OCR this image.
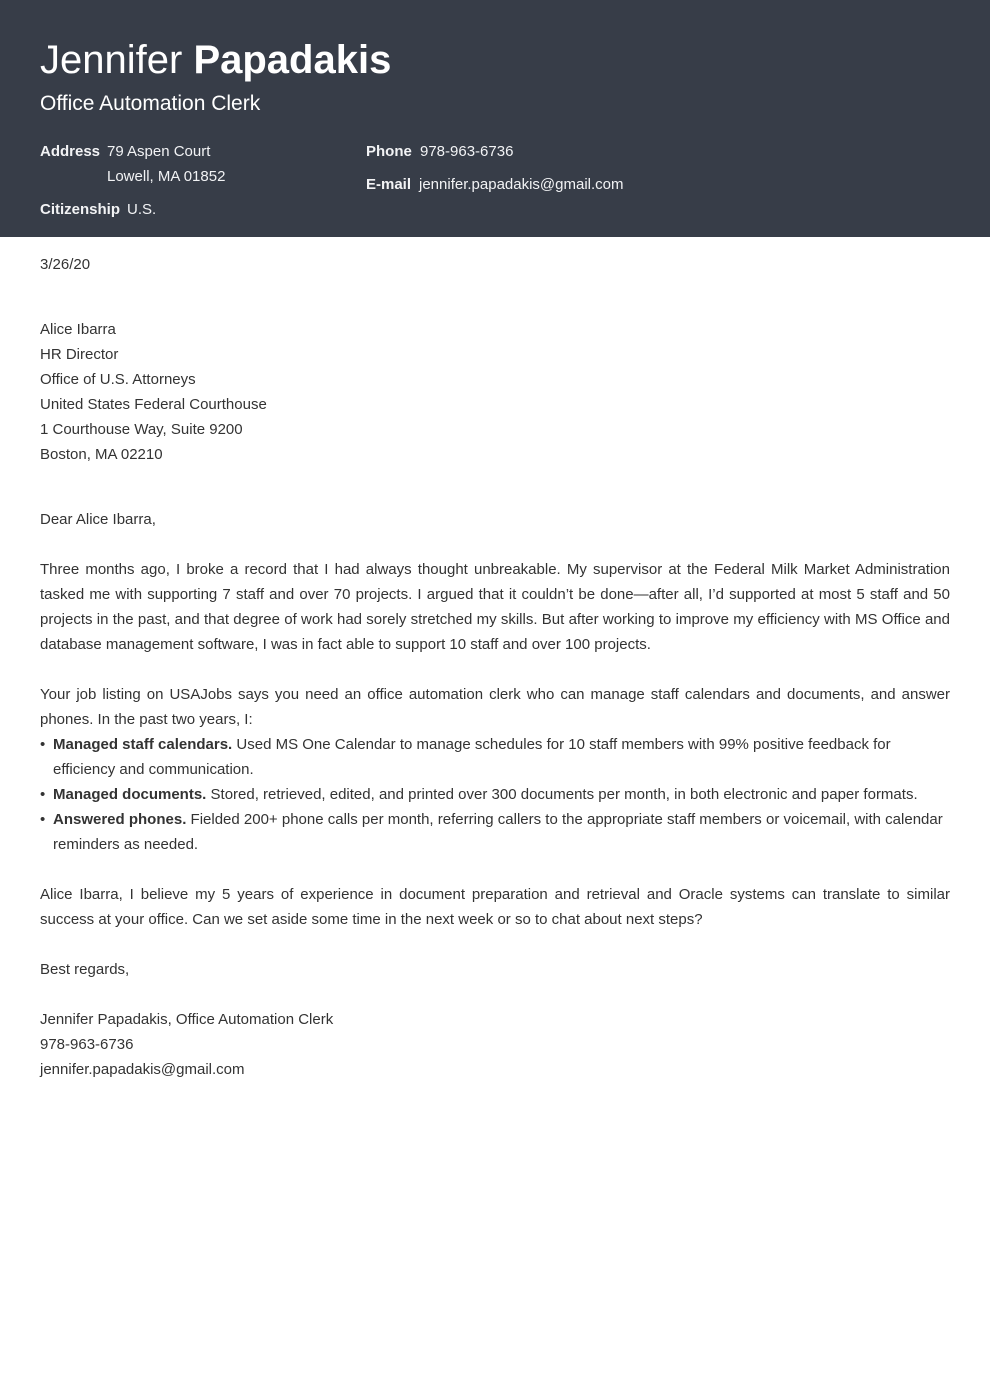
Jennifer Papadakis
Office Automation Clerk
Address 79 Aspen Court
Lowell, MA 01852
Citizenship U.S.
Phone 978-963-6736
E-mail jennifer.papadakis@gmail.com
3/26/20
Alice Ibarra
HR Director
Office of U.S. Attorneys
United States Federal Courthouse
1 Courthouse Way, Suite 9200
Boston, MA 02210
Dear Alice Ibarra,

Three months ago, I broke a record that I had always thought unbreakable. My supervisor at the Federal Milk Market Administration tasked me with supporting 7 staff and over 70 projects. I argued that it couldn’t be done—after all, I’d supported at most 5 staff and 50 projects in the past, and that degree of work had sorely stretched my skills. But after working to improve my efficiency with MS Office and database management software, I was in fact able to support 10 staff and over 100 projects.

Your job listing on USAJobs says you need an office automation clerk who can manage staff calendars and documents, and answer phones. In the past two years, I:

• Managed staff calendars. Used MS One Calendar to manage schedules for 10 staff members with 99% positive feedback for efficiency and communication.
• Managed documents. Stored, retrieved, edited, and printed over 300 documents per month, in both electronic and paper formats.
• Answered phones. Fielded 200+ phone calls per month, referring callers to the appropriate staff members or voicemail, with calendar reminders as needed.

Alice Ibarra, I believe my 5 years of experience in document preparation and retrieval and Oracle systems can translate to similar success at your office. Can we set aside some time in the next week or so to chat about next steps?

Best regards,
Jennifer Papadakis, Office Automation Clerk
978-963-6736
jennifer.papadakis@gmail.com
